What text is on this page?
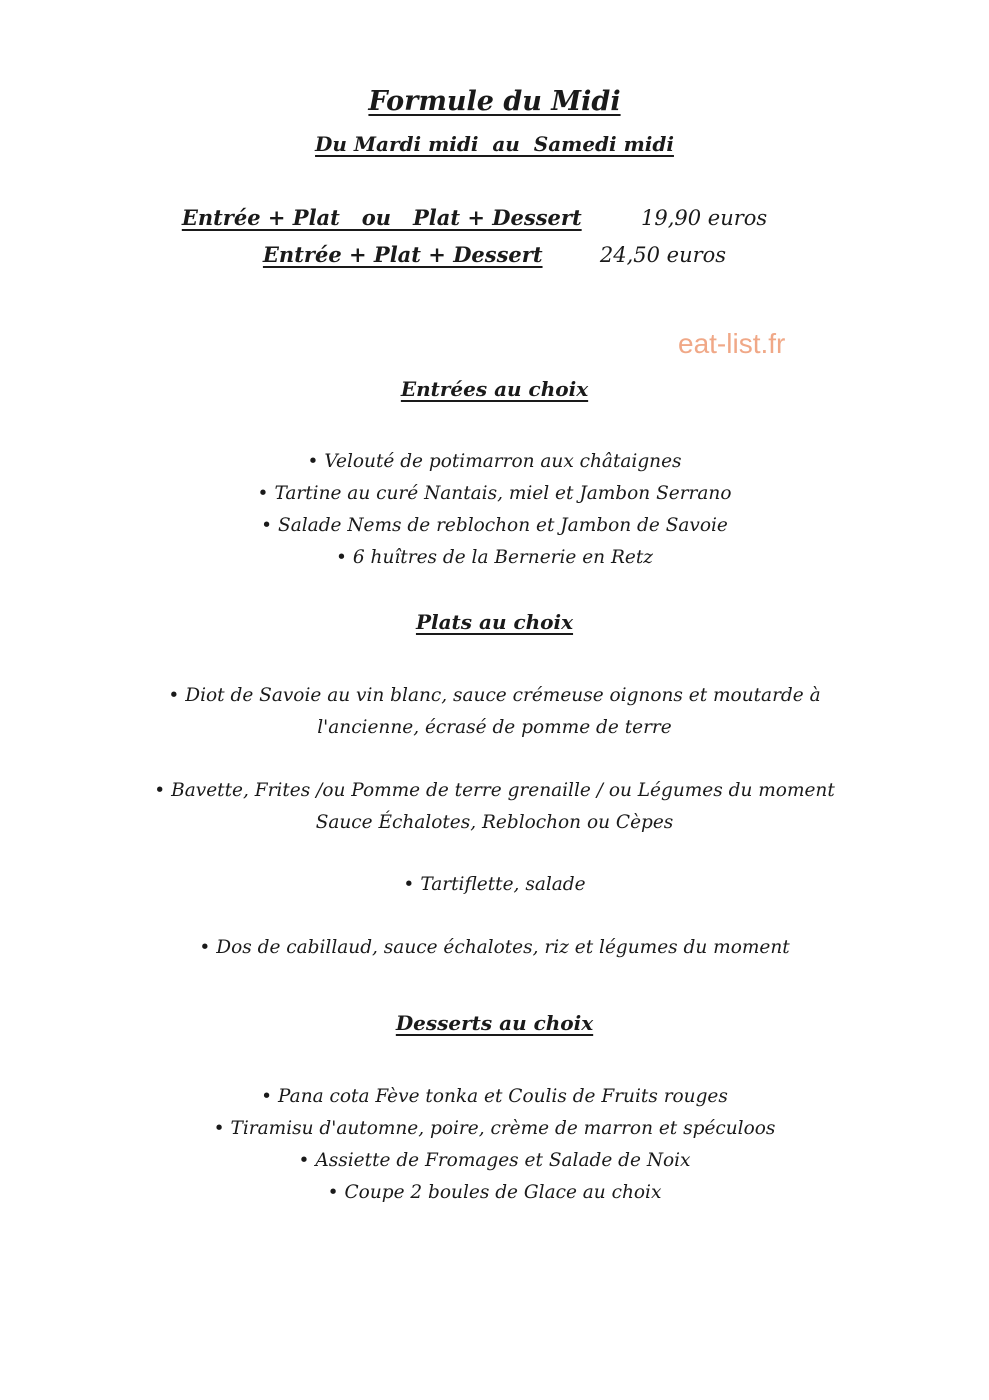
Formule du Midi
Du Mardi midi  au  Samedi midi
Entrée + Plat   ou   Plat + Dessert	19,90 euros
Entrée + Plat + Dessert	24,50 euros
eat-list.fr
Entrées au choix
• Velouté de potimarron aux châtaignes
• Tartine au curé Nantais, miel et Jambon Serrano
• Salade Nems de reblochon et Jambon de Savoie
• 6 huîtres de la Bernerie en Retz
Plats au choix
• Diot de Savoie au vin blanc, sauce crémeuse oignons et moutarde à
l'ancienne, écrasé de pomme de terre
• Bavette, Frites /ou Pomme de terre grenaille / ou Légumes du moment
Sauce Échalotes, Reblochon ou Cèpes
• Tartiflette, salade
• Dos de cabillaud, sauce échalotes, riz et légumes du moment
Desserts au choix
• Pana cota Fève tonka et Coulis de Fruits rouges
• Tiramisu d'automne, poire, crème de marron et spéculoos
• Assiette de Fromages et Salade de Noix
• Coupe 2 boules de Glace au choix
